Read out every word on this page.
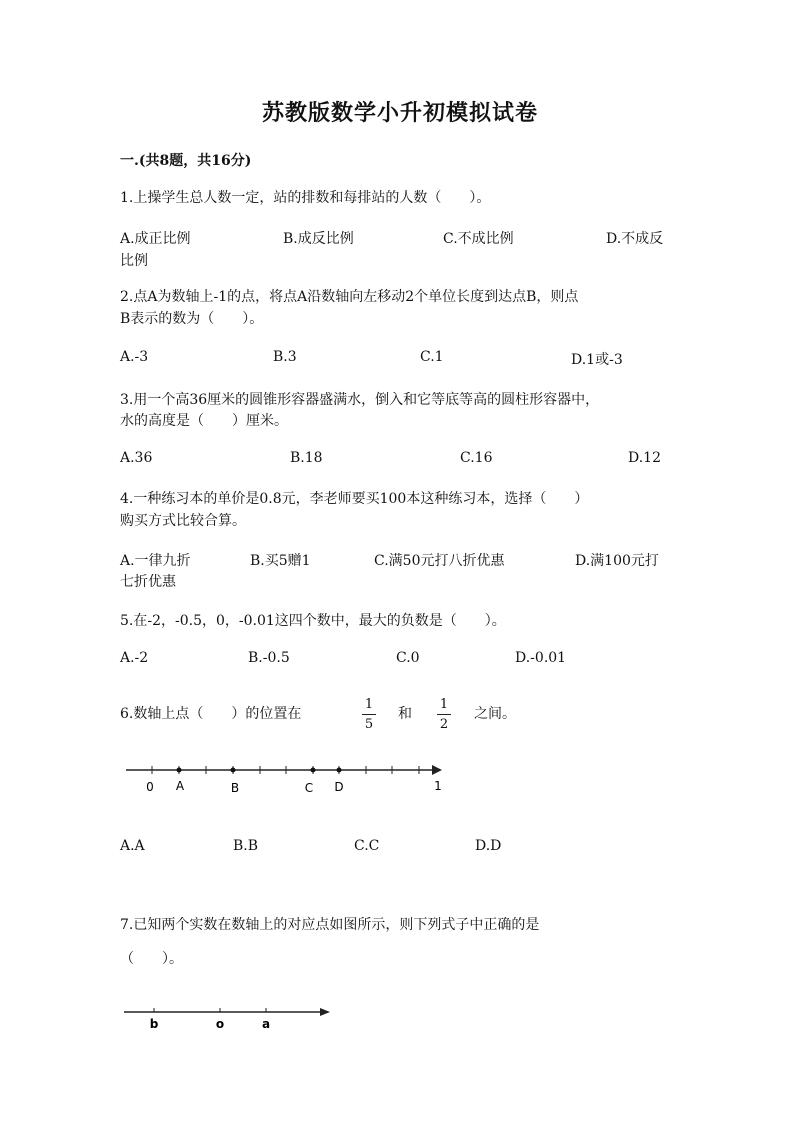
苏教版数学小升初模拟试卷
一.(共8题，共16分)
1.上操学生总人数一定，站的排数和每排站的人数（　　）。
A.成正比例	B.成反比例	C.不成比例	D.不成反
比例
2.点A为数轴上-1的点，将点A沿数轴向左移动2个单位长度到达点B，则点
B表示的数为（　　）。
A.-3	B.3	C.1	D.1或-3
3.用一个高36厘米的圆锥形容器盛满水，倒入和它等底等高的圆柱形容器中，
水的高度是（　　）厘米。
A.36	B.18	C.16	D.12
4.一种练习本的单价是0.8元，李老师要买100本这种练习本，选择（　　）
购买方式比较合算。
A.一律九折	B.买5赠1	C.满50元打八折优惠	D.满100元打
七折优惠
5.在-2，-0.5，0，-0.01这四个数中，最大的负数是（　　）。
A.-2	B.-0.5	C.0	D.-0.01
6.数轴上点（　　）的位置在
1
5
和
1
2
之间。
0 A	B	C D	1
A.A	B.B	C.C	D.D
7.已知两个实数在数轴上的对应点如图所示，则下列式子中正确的是
（　　）。
b	o	a
